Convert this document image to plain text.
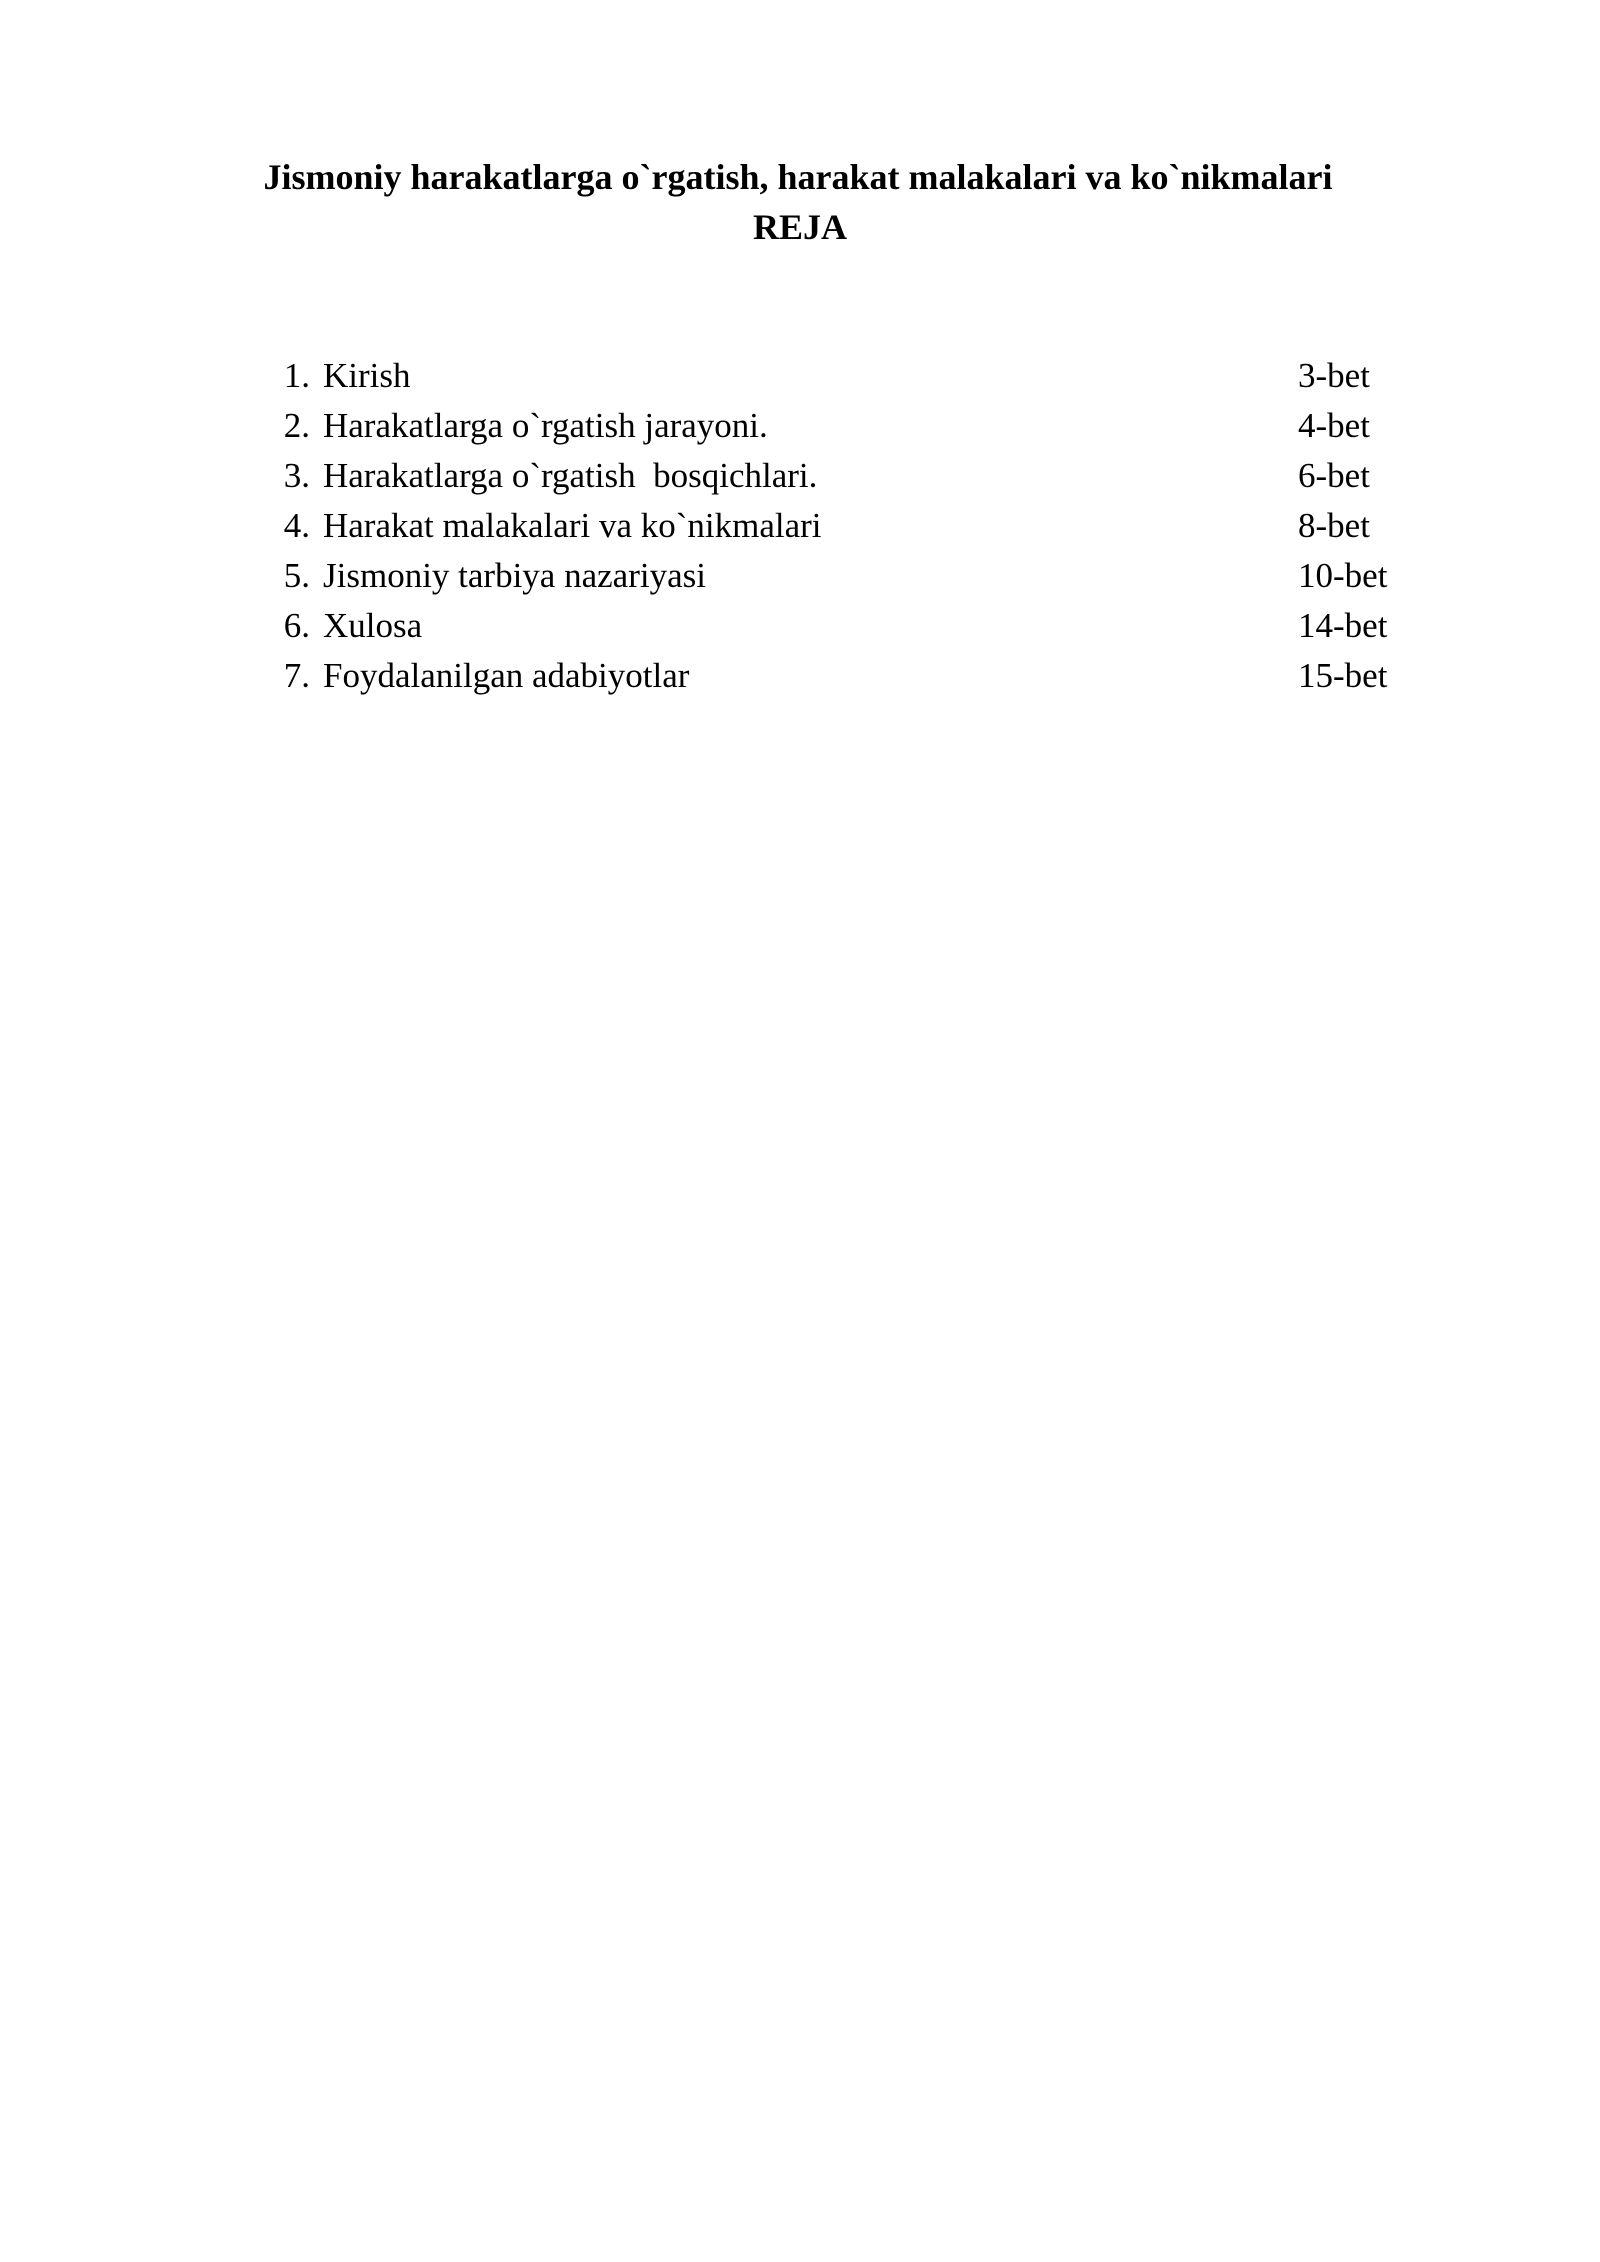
Jismoniy harakatlarga o`rgatish, harakat malakalari va ko`nikmalari
REJA
1. Kirish	3-bet
2. Harakatlarga o`rgatish jarayoni.	4-bet
3. Harakatlarga o`rgatish  bosqichlari.	6-bet
4. Harakat malakalari va ko`nikmalari	8-bet
5. Jismoniy tarbiya nazariyasi	10-bet
6. Xulosa	14-bet
7. Foydalanilgan adabiyotlar	15-bet
